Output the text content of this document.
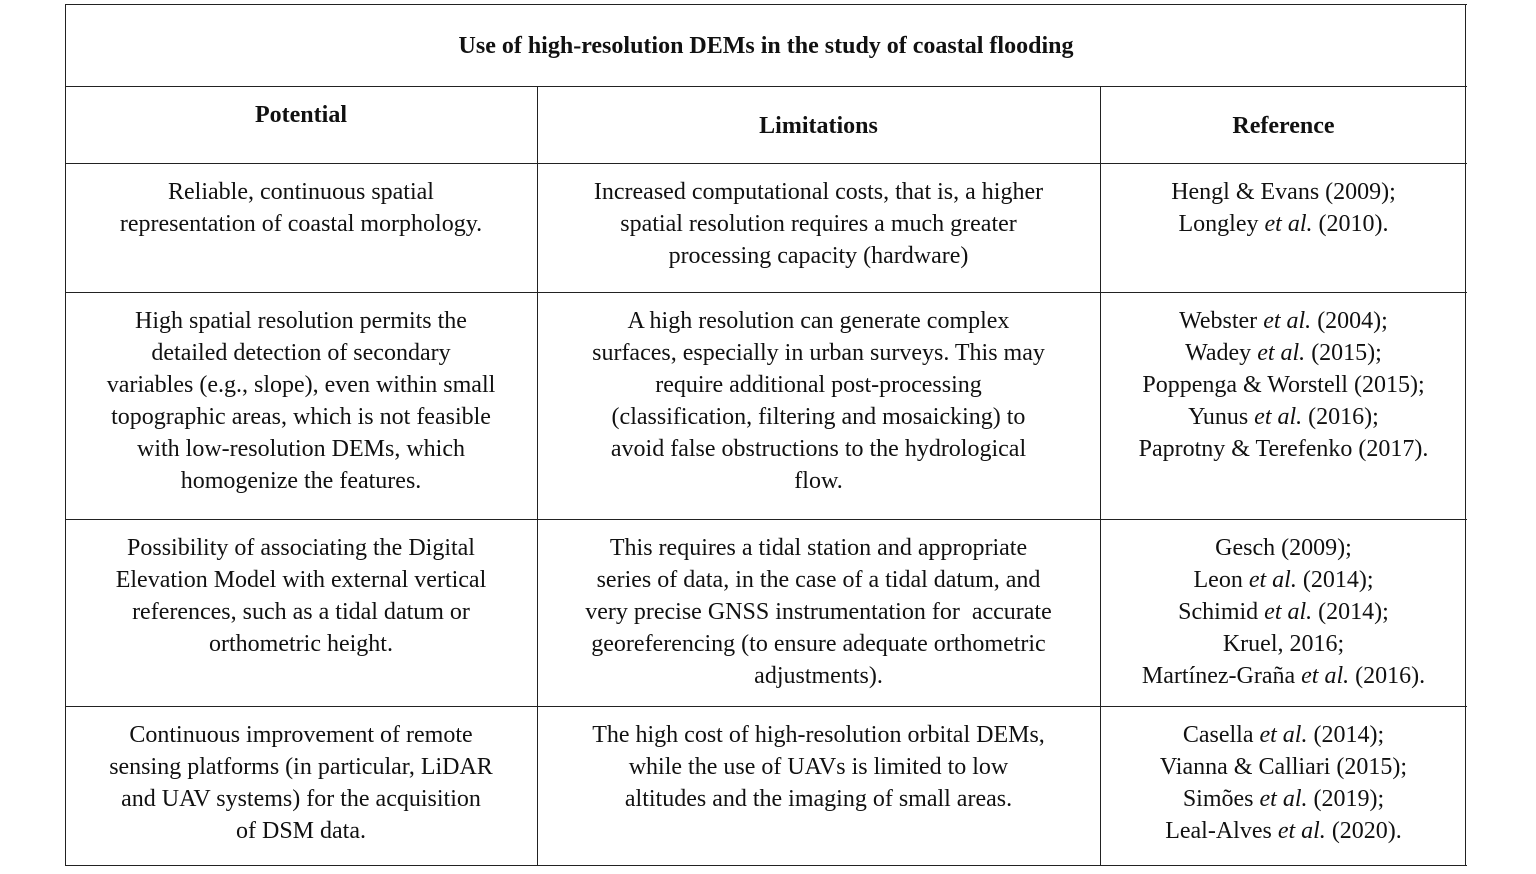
Use of high-resolution DEMs in the study of coastal flooding
Potential	Limitations	Reference
Reliable, continuous spatial
representation of coastal morphology.
Increased computational costs, that is, a higher
spatial resolution requires a much greater
processing capacity (hardware)
Hengl & Evans (2009);
Longley et al. (2010).
High spatial resolution permits the
detailed detection of secondary
variables (e.g., slope), even within small
topographic areas, which is not feasible
with low-resolution DEMs, which
homogenize the features.
A high resolution can generate complex
surfaces, especially in urban surveys. This may
require additional post-processing
(classification, filtering and mosaicking) to
avoid false obstructions to the hydrological
flow.
Webster et al. (2004);
Wadey et al. (2015);
Poppenga & Worstell (2015);
Yunus et al. (2016);
Paprotny & Terefenko (2017).
Possibility of associating the Digital
Elevation Model with external vertical
references, such as a tidal datum or
orthometric height.
This requires a tidal station and appropriate
series of data, in the case of a tidal datum, and
very precise GNSS instrumentation for  accurate
georeferencing (to ensure adequate orthometric
adjustments).
Gesch (2009);
Leon et al. (2014);
Schimid et al. (2014);
Kruel, 2016;
Martínez-Graña et al. (2016).
Continuous improvement of remote
sensing platforms (in particular, LiDAR
and UAV systems) for the acquisition
of DSM data.
The high cost of high-resolution orbital DEMs,
while the use of UAVs is limited to low
altitudes and the imaging of small areas.
Casella et al. (2014);
Vianna & Calliari (2015);
Simões et al. (2019);
Leal-Alves et al. (2020).
